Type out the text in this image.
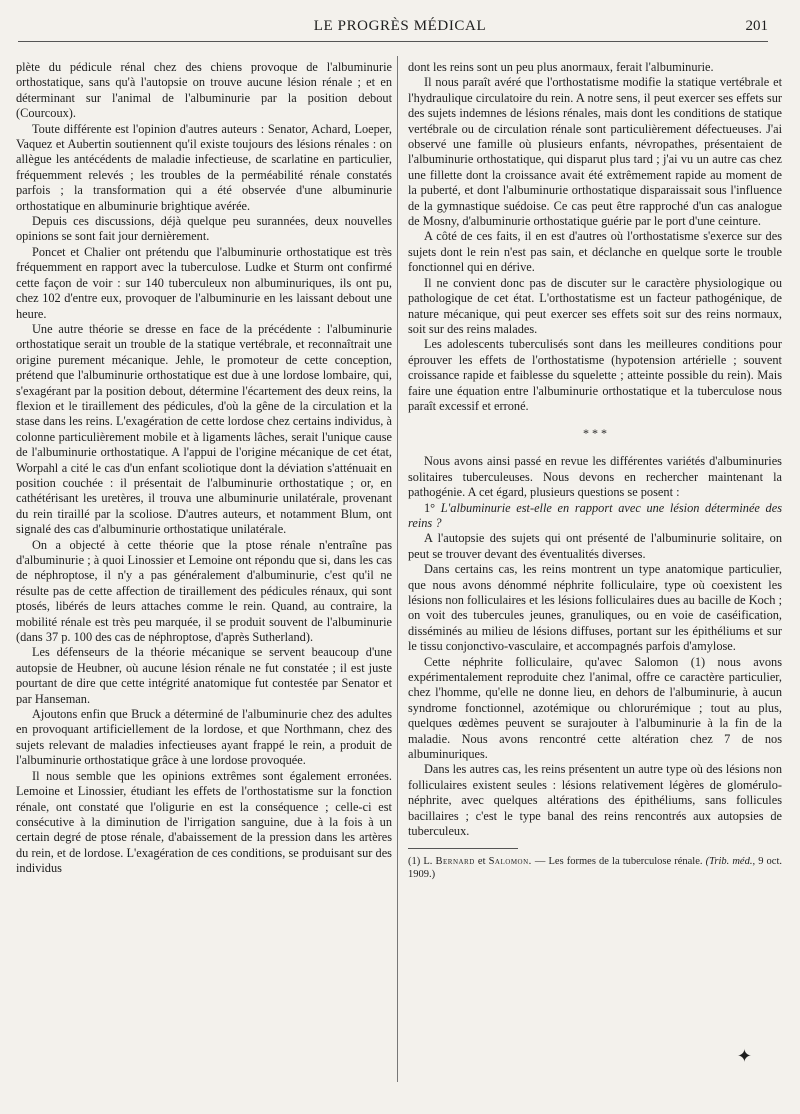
LE PROGRÈS MÉDICAL	201

plète du pédicule rénal chez des chiens provoque de l'albuminurie orthostatique, sans qu'à l'autopsie on trouve aucune lésion rénale ; et en déterminant sur l'animal de l'albuminurie par la position debout (Courcoux).

Toute différente est l'opinion d'autres auteurs : Senator, Achard, Loeper, Vaquez et Aubertin soutiennent qu'il existe toujours des lésions rénales : on allègue les antécédents de maladie infectieuse, de scarlatine en particulier, fréquemment relevés ; les troubles de la perméabilité rénale constatés parfois ; la transformation qui a été observée d'une albuminurie orthostatique en albuminurie brightique avérée.

Depuis ces discussions, déjà quelque peu surannées, deux nouvelles opinions se sont fait jour dernièrement.

Poncet et Chalier ont prétendu que l'albuminurie orthostatique est très fréquemment en rapport avec la tuberculose. Ludke et Sturm ont confirmé cette façon de voir : sur 140 tuberculeux non albuminuriques, ils ont pu, chez 102 d'entre eux, provoquer de l'albuminurie en les laissant debout une heure.

Une autre théorie se dresse en face de la précédente : l'albuminurie orthostatique serait un trouble de la statique vertébrale, et reconnaîtrait une origine purement mécanique. Jehle, le promoteur de cette conception, prétend que l'albuminurie orthostatique est due à une lordose lombaire, qui, s'exagérant par la position debout, détermine l'écartement des deux reins, la flexion et le tiraillement des pédicules, d'où la gêne de la circulation et la stase dans les reins. L'exagération de cette lordose chez certains individus, à colonne particulièrement mobile et à ligaments lâches, serait l'unique cause de l'albuminurie orthostatique. A l'appui de l'origine mécanique de cet état, Worpahl a cité le cas d'un enfant scoliotique dont la déviation s'atténuait en position couchée : il présentait de l'albuminurie orthostatique ; or, en cathétérisant les uretères, il trouva une albuminurie unilatérale, provenant du rein tiraillé par la scoliose. D'autres auteurs, et notamment Blum, ont signalé des cas d'albuminurie orthostatique unilatérale.

On a objecté à cette théorie que la ptose rénale n'entraîne pas d'albuminurie ; à quoi Linossier et Lemoine ont répondu que si, dans les cas de néphroptose, il n'y a pas généralement d'albuminurie, c'est qu'il ne résulte pas de cette affection de tiraillement des pédicules rénaux, qui sont ptosés, libérés de leurs attaches comme le rein. Quand, au contraire, la mobilité rénale est très peu marquée, il se produit souvent de l'albuminurie (dans 37 p. 100 des cas de néphroptose, d'après Sutherland).

Les défenseurs de la théorie mécanique se servent beaucoup d'une autopsie de Heubner, où aucune lésion rénale ne fut constatée ; il est juste pourtant de dire que cette intégrité anatomique fut contestée par Senator et par Hanseman.

Ajoutons enfin que Bruck a déterminé de l'albuminurie chez des adultes en provoquant artificiellement de la lordose, et que Northmann, chez des sujets relevant de maladies infectieuses ayant frappé le rein, a produit de l'albuminurie orthostatique grâce à une lordose provoquée.

Il nous semble que les opinions extrêmes sont également erronées. Lemoine et Linossier, étudiant les effets de l'orthostatisme sur la fonction rénale, ont constaté que l'oligurie en est la conséquence ; celle-ci est consécutive à la diminution de l'irrigation sanguine, due à la fois à un certain degré de ptose rénale, d'abaissement de la pression dans les artères du rein, et de lordose. L'exagération de ces conditions, se produisant sur des individus

dont les reins sont un peu plus anormaux, ferait l'albuminurie.

Il nous paraît avéré que l'orthostatisme modifie la statique vertébrale et l'hydraulique circulatoire du rein. A notre sens, il peut exercer ses effets sur des sujets indemnes de lésions rénales, mais dont les conditions de statique vertébrale ou de circulation rénale sont particulièrement défectueuses. J'ai observé une famille où plusieurs enfants, névropathes, présentaient de l'albuminurie orthostatique, qui disparut plus tard ; j'ai vu un autre cas chez une fillette dont la croissance avait été extrêmement rapide au moment de la puberté, et dont l'albuminurie orthostatique disparaissait sous l'influence de la gymnastique suédoise. Ce cas peut être rapproché d'un cas analogue de Mosny, d'albuminurie orthostatique guérie par le port d'une ceinture.

A côté de ces faits, il en est d'autres où l'orthostatisme s'exerce sur des sujets dont le rein n'est pas sain, et déclanche en quelque sorte le trouble fonctionnel qui en dérive.

Il ne convient donc pas de discuter sur le caractère physiologique ou pathologique de cet état. L'orthostatisme est un facteur pathogénique, de nature mécanique, qui peut exercer ses effets soit sur des reins normaux, soit sur des reins malades.

Les adolescents tuberculisés sont dans les meilleures conditions pour éprouver les effets de l'orthostatisme (hypotension artérielle ; souvent croissance rapide et faiblesse du squelette ; atteinte possible du rein). Mais faire une équation entre l'albuminurie orthostatique et la tuberculose nous paraît excessif et erroné.

* * *

Nous avons ainsi passé en revue les différentes variétés d'albuminuries solitaires tuberculeuses. Nous devons en rechercher maintenant la pathogénie. A cet égard, plusieurs questions se posent :

1° L'albuminurie est-elle en rapport avec une lésion déterminée des reins ?

A l'autopsie des sujets qui ont présenté de l'albuminurie solitaire, on peut se trouver devant des éventualités diverses.

Dans certains cas, les reins montrent un type anatomique particulier, que nous avons dénommé néphrite folliculaire, type où coexistent les lésions non folliculaires et les lésions folliculaires dues au bacille de Koch ; on voit des tubercules jeunes, granuliques, ou en voie de caséification, disséminés au milieu de lésions diffuses, portant sur les épithéliums et sur le tissu conjonctivo-vasculaire, et accompagnés parfois d'amylose.

Cette néphrite folliculaire, qu'avec Salomon (1) nous avons expérimentalement reproduite chez l'animal, offre ce caractère particulier, chez l'homme, qu'elle ne donne lieu, en dehors de l'albuminurie, à aucun syndrome fonctionnel, azotémique ou chlorurémique ; tout au plus, quelques œdèmes peuvent se surajouter à l'albuminurie à la fin de la maladie. Nous avons rencontré cette altération chez 7 de nos albuminuriques.

Dans les autres cas, les reins présentent un autre type où des lésions non folliculaires existent seules : lésions relativement légères de glomérulo-néphrite, avec quelques altérations des épithéliums, sans follicules bacillaires ; c'est le type banal des reins rencontrés aux autopsies de tuberculeux.

(1) L. Bernard et Salomon. — Les formes de la tuberculose rénale. (Trib. méd., 9 oct. 1909.)

✦
